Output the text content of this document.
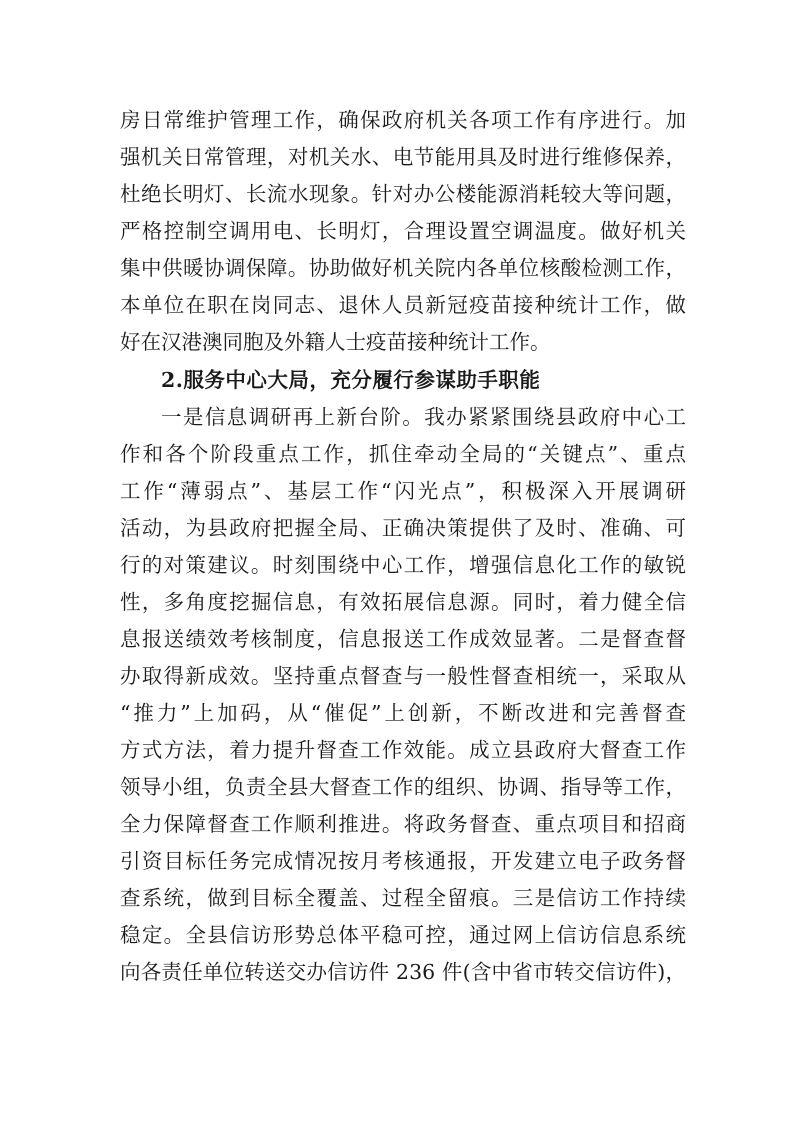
房日常维护管理工作，确保政府机关各项工作有序进行。加
强机关日常管理，对机关水、电节能用具及时进行维修保养，
杜绝长明灯、长流水现象。针对办公楼能源消耗较大等问题，
严格控制空调用电、长明灯，合理设置空调温度。做好机关
集中供暖协调保障。协助做好机关院内各单位核酸检测工作，
本单位在职在岗同志、退休人员新冠疫苗接种统计工作，做
好在汉港澳同胞及外籍人士疫苗接种统计工作。
2.服务中心大局，充分履行参谋助手职能
一是信息调研再上新台阶。我办紧紧围绕县政府中心工
作和各个阶段重点工作，抓住牵动全局的“关键点”、重点
工作“薄弱点”、基层工作“闪光点”，积极深入开展调研
活动，为县政府把握全局、正确决策提供了及时、准确、可
行的对策建议。时刻围绕中心工作，增强信息化工作的敏锐
性，多角度挖掘信息，有效拓展信息源。同时，着力健全信
息报送绩效考核制度，信息报送工作成效显著。二是督查督
办取得新成效。坚持重点督查与一般性督查相统一，采取从
“推力”上加码，从“催促”上创新，不断改进和完善督查
方式方法，着力提升督查工作效能。成立县政府大督查工作
领导小组，负责全县大督查工作的组织、协调、指导等工作，
全力保障督查工作顺利推进。将政务督查、重点项目和招商
引资目标任务完成情况按月考核通报，开发建立电子政务督
查系统，做到目标全覆盖、过程全留痕。三是信访工作持续
稳定。全县信访形势总体平稳可控，通过网上信访信息系统
向各责任单位转送交办信访件 236 件(含中省市转交信访件)，
